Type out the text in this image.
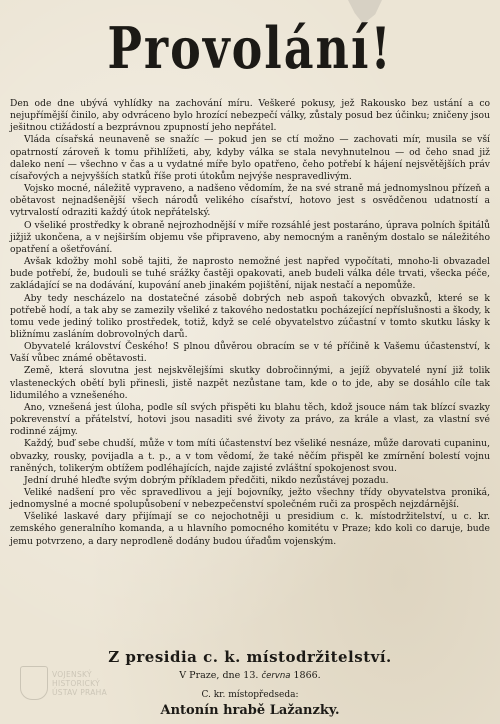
Provolání!

Den ode dne ubývá vyhlídky na zachování míru. Veškeré pokusy, jež Rakousko bez ustání a co nejupřímější činilo, aby odvráceno bylo hrozící nebezpečí války, zůstaly posud bez účinku; zničeny jsou ješitnou ctižádostí a bezprávnou zpupností jeho nepřátel.

Vláda císařská neunaveně se snažíc — pokud jen se ctí možno — zachovati mír, musila se vší opatrností zároveň k tomu přihlížeti, aby, kdyby válka se stala nevyhnutelnou — od čeho snad již daleko není — všechno v čas a u vydatné míře bylo opatřeno, čeho potřebí k hájení nejsvětějších práv císařových a nejvyšších statků říše proti útokům nejvýše nespravedlivým.

Vojsko mocné, náležitě vypraveno, a nadšeno vědomím, že na své straně má jednomyslnou přízeň a obětavost nejnadšenější všech národů velikého císařství, hotovo jest s osvědčenou udatností a vytrvalostí odraziti každý útok nepřátelský.

O všeliké prostředky k obraně nejrozhodnější v míře rozsáhlé jest postaráno, úprava polních špitálů jižjiž ukončena, a v nejširším objemu vše připraveno, aby nemocným a raněným dostalo se náležitého opatření a ošetřování.

Avšak kdožby mohl sobě tajiti, že naprosto nemožné jest napřed vypočítati, mnoho-li obvazadel bude potřebí, že, budouli se tuhé srážky častěji opakovati, aneb budeli válka déle trvati, všecka péče, zakládající se na dodávání, kupování aneb jinakém pojištění, nijak nestačí a nepomůže.

Aby tedy nescházelo na dostatečné zásobě dobrých neb aspoň takových obvazků, které se k potřebě hodí, a tak aby se zamezily všeliké z takového nedostatku pocházející nepříslušnosti a škody, k tomu vede jediný toliko prostředek, totiž, když se celé obyvatelstvo zúčastní v tomto skutku lásky k bližnímu zasláním dobrovolných darů.

Obyvatelé království Českého! S plnou důvěrou obracím se v té příčině k Vašemu účastenství, k Vaší vůbec známé obětavosti.

Země, která slovutna jest nejskvělejšími skutky dobročinnými, a jejíž obyvatelé nyní již tolik vlasteneckých obětí byli přinesli, jistě nazpět nezůstane tam, kde o to jde, aby se dosáhlo cíle tak lidumilého a vznešeného.

Ano, vznešená jest úloha, podle síl svých přispěti ku blahu těch, kdož jsouce nám tak blízcí svazky pokrevenství a přátelství, hotovi jsou nasaditi své životy za právo, za krále a vlast, za vlastní své rodinné zájmy.

Každý, buď sebe chudší, může v tom míti účastenství bez všeliké nesnáze, může darovati cupaninu, obvazky, rousky, povijadla a t. p., a v tom vědomí, že také něčím přispěl ke zmírnění bolestí vojnu raněných, tolikerým obtížem podléhajících, najde zajisté zvláštní spokojenost svou.

Jední druhé hleďte svým dobrým příkladem předčiti, nikdo nezůstávej pozadu.

Veliké nadšení pro věc spravedlivou a její bojovníky, ježto všechny třídy obyvatelstva proniká, jednomyslné a mocné spolupůsobení v nebezpečenství společném ruči za prospěch nejzdárnější.

Všeliké laskavé dary přijímají se co nejochotněji u presidium c. k. místodržitelství, u c. kr. zemského generalního komanda, a u hlavního pomocného komitétu v Praze; kdo koli co daruje, bude jemu potvrzeno, a dary neprodleně dodány budou úřadům vojenským.

Z presidia c. k. místodržitelství.
V Praze, dne 13. června 1866.
C. kr. místopředseda:
Antonín hrabě Lažanzky.
VOJENSKÝ
HISTORICKÝ
ÚSTAV PRAHA
